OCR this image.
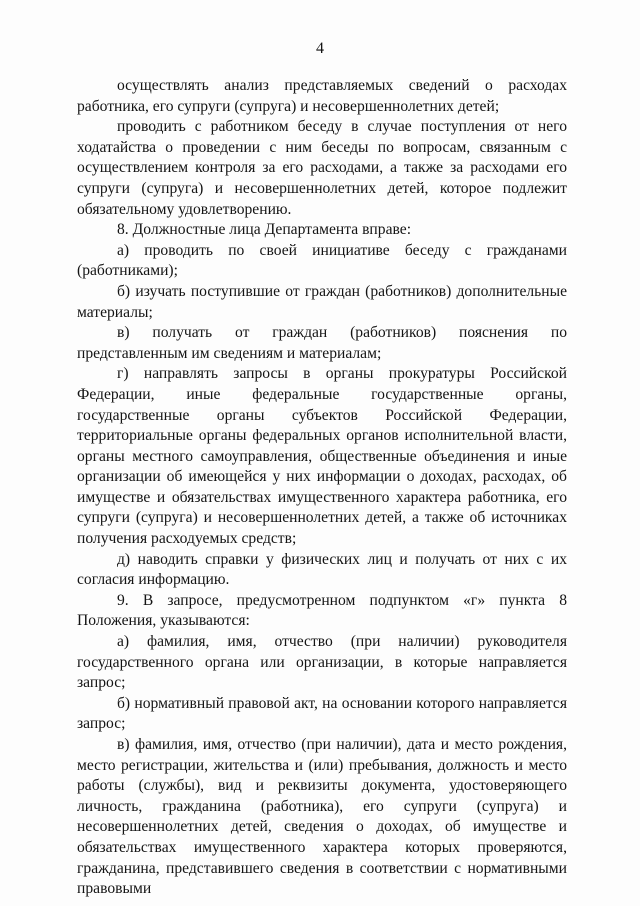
4

осуществлять анализ представляемых сведений о расходах работника, его супруги (супруга) и несовершеннолетних детей;

проводить с работником беседу в случае поступления от него ходатайства о проведении с ним беседы по вопросам, связанным с осуществлением контроля за его расходами, а также за расходами его супруги (супруга) и несовершеннолетних детей, которое подлежит обязательному удовлетворению.

8. Должностные лица Департамента вправе:

а) проводить по своей инициативе беседу с гражданами (работниками);

б) изучать поступившие от граждан (работников) дополнительные материалы;

в) получать от граждан (работников) пояснения по представленным им сведениям и материалам;

г) направлять запросы в органы прокуратуры Российской Федерации, иные федеральные государственные органы, государственные органы субъектов Российской Федерации, территориальные органы федеральных органов исполнительной власти, органы местного самоуправления, общественные объединения и иные организации об имеющейся у них информации о доходах, расходах, об имуществе и обязательствах имущественного характера работника, его супруги (супруга) и несовершеннолетних детей, а также об источниках получения расходуемых средств;

д) наводить справки у физических лиц и получать от них с их согласия информацию.

9. В запросе, предусмотренном подпунктом «г» пункта 8 Положения, указываются:

а) фамилия, имя, отчество (при наличии) руководителя государственного органа или организации, в которые направляется запрос;

б) нормативный правовой акт, на основании которого направляется запрос;

в) фамилия, имя, отчество (при наличии), дата и место рождения, место регистрации, жительства и (или) пребывания, должность и место работы (службы), вид и реквизиты документа, удостоверяющего личность, гражданина (работника), его супруги (супруга) и несовершеннолетних детей, сведения о доходах, об имуществе и обязательствах имущественного характера которых проверяются, гражданина, представившего сведения в соответствии с нормативными правовыми
